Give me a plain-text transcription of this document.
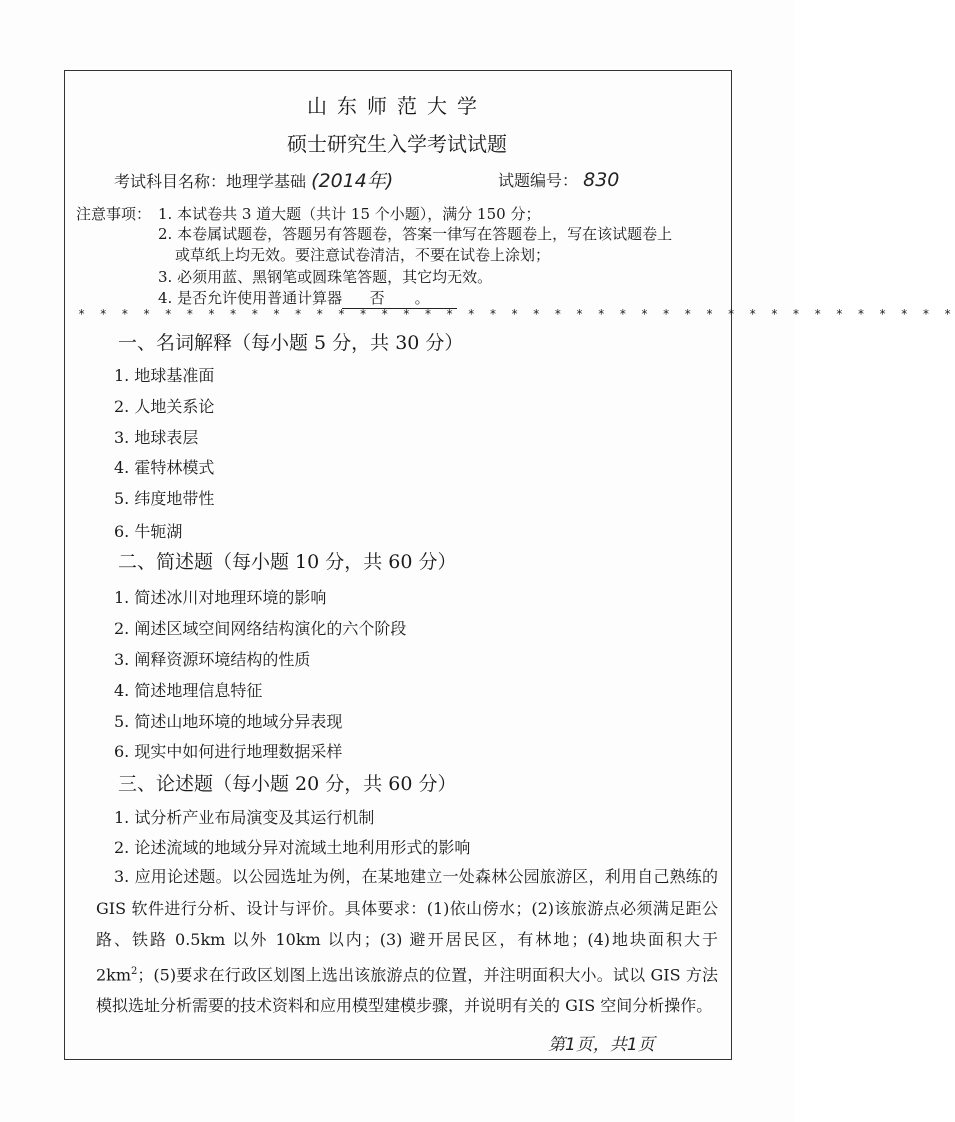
山东师范大学
硕士研究生入学考试试题
考试科目名称：地理学基础 (2014年)	试题编号： 830
注意事项： 1. 本试卷共 3 道大题（共计 15 个小题），满分 150 分；
2. 本卷属试题卷，答题另有答题卷，答案一律写在答题卷上，写在该试题卷上
或草纸上均无效。要注意试卷清洁，不要在试卷上涂划；
3. 必须用蓝、黑钢笔或圆珠笔答题，其它均无效。
4. 是否允许使用普通计算器 否 。
* * * * * * * * * * * * * * * * * * * * * * * * * * * * * * * * * * * * * * * * *
一、名词解释（每小题 5 分，共 30 分）
1. 地球基准面
2. 人地关系论
3. 地球表层
4. 霍特林模式
5. 纬度地带性
6. 牛轭湖
二、简述题（每小题 10 分，共 60 分）
1. 简述冰川对地理环境的影响
2. 阐述区域空间网络结构演化的六个阶段
3. 阐释资源环境结构的性质
4. 简述地理信息特征
5. 简述山地环境的地域分异表现
6. 现实中如何进行地理数据采样
三、论述题（每小题 20 分，共 60 分）
1. 试分析产业布局演变及其运行机制
2. 论述流域的地域分异对流域土地利用形式的影响
3. 应用论述题。以公园选址为例，在某地建立一处森林公园旅游区，利用自己熟练的 GIS 软件进行分析、设计与评价。具体要求：(1)依山傍水；(2)该旅游点必须满足距公路、铁路 0.5km 以外 10km 以内；(3) 避开居民区，有林地；(4)地块面积大于 $2km^2$；(5)要求在行政区划图上选出该旅游点的位置，并注明面积大小。试以 GIS 方法模拟选址分析需要的技术资料和应用模型建模步骤，并说明有关的 GIS 空间分析操作。
第1页，共1页
